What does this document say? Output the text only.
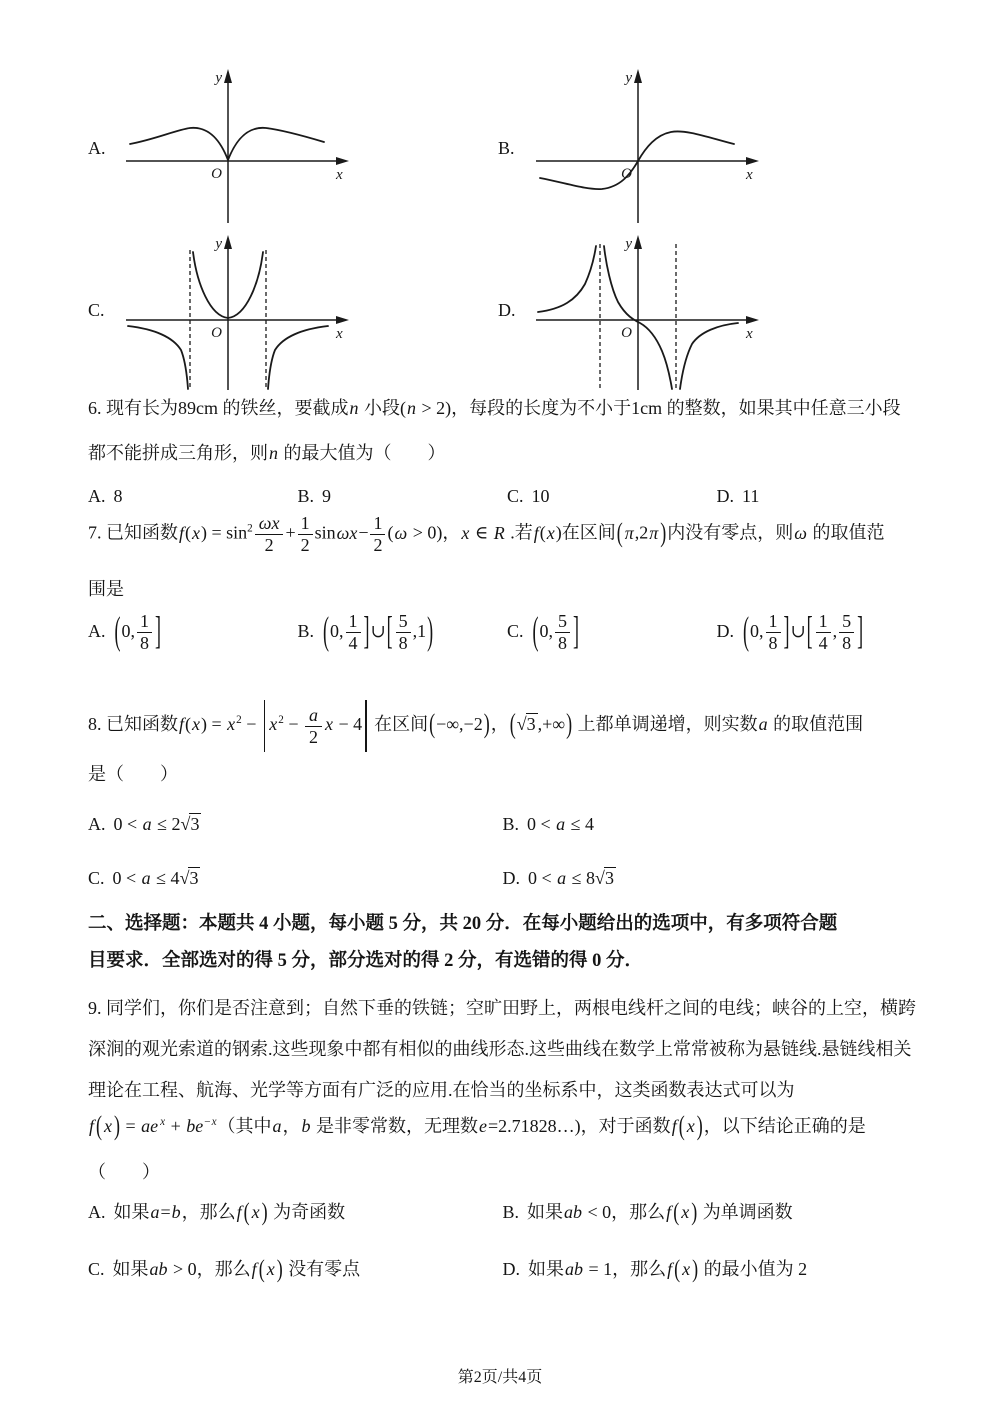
A.
y
x
O
B.
y
x
O
C.
y
x
O
D.
y
x
O
6. 现有长为89cm 的铁丝，要截成n 小段(n > 2)，每段的长度为不小于1cm 的整数，如果其中任意三小段
都不能拼成三角形，则n 的最大值为（　　）
A. 8	B. 9	C. 10	D. 11
7. 已知函数$f(x) = \sin^2 \frac{\omega x}{2} + \frac{1}{2} \sin\omega x- \frac{1}{2} (\omega > 0)$，x ∈ R .若f(x)在区间( π,2π )内没有零点，则ω 的取值范
围是
A. (0, $\frac{1}{8}$ ]	B. (0, $\frac{1}{4}$ ]∪[ $\frac{5}{8} ,1$)	C. (0, $\frac{5}{8}$ ]	D. (0, $\frac{1}{8}$ ]∪[ $\frac{1}{4}$ , $\frac{5}{8}$ ]
8. 已知函数$f(x) = x^2 - x^2 - \frac{a}{2}$ x − 4 在区间(−∞,−2)，(√3 ,+∞) 上都单调递增，则实数a 的取值范围
是（　　）
A. 0 < a ≤ 2√3	B. 0 < a ≤ 4
C. 0 < a ≤ 4√3	D. 0 < a ≤ 8√3
二、选择题：本题共 4 小题，每小题 5 分，共 20 分．在每小题给出的选项中，有多项符合题
目要求．全部选对的得 5 分，部分选对的得 2 分，有选错的得 0 分．
9. 同学们，你们是否注意到；自然下垂的铁链；空旷田野上，两根电线杆之间的电线；峡谷的上空，横跨
深涧的观光索道的钢索.这些现象中都有相似的曲线形态.这些曲线在数学上常常被称为悬链线.悬链线相关
理论在工程、航海、光学等方面有广泛的应用.在恰当的坐标系中，这类函数表达式可以为
f ( x ) = ae $^x + be^{-x}$（其中a，b 是非零常数，无理数e=2.71828…)，对于函数f ( x )，以下结论正确的是
（　　）
A. 如果a=b，那么f ( x ) 为奇函数	B. 如果ab < 0，那么f ( x ) 为单调函数
C. 如果ab > 0，那么f ( x ) 没有零点	D. 如果ab = 1，那么f ( x ) 的最小值为 2
第2页/共4页
